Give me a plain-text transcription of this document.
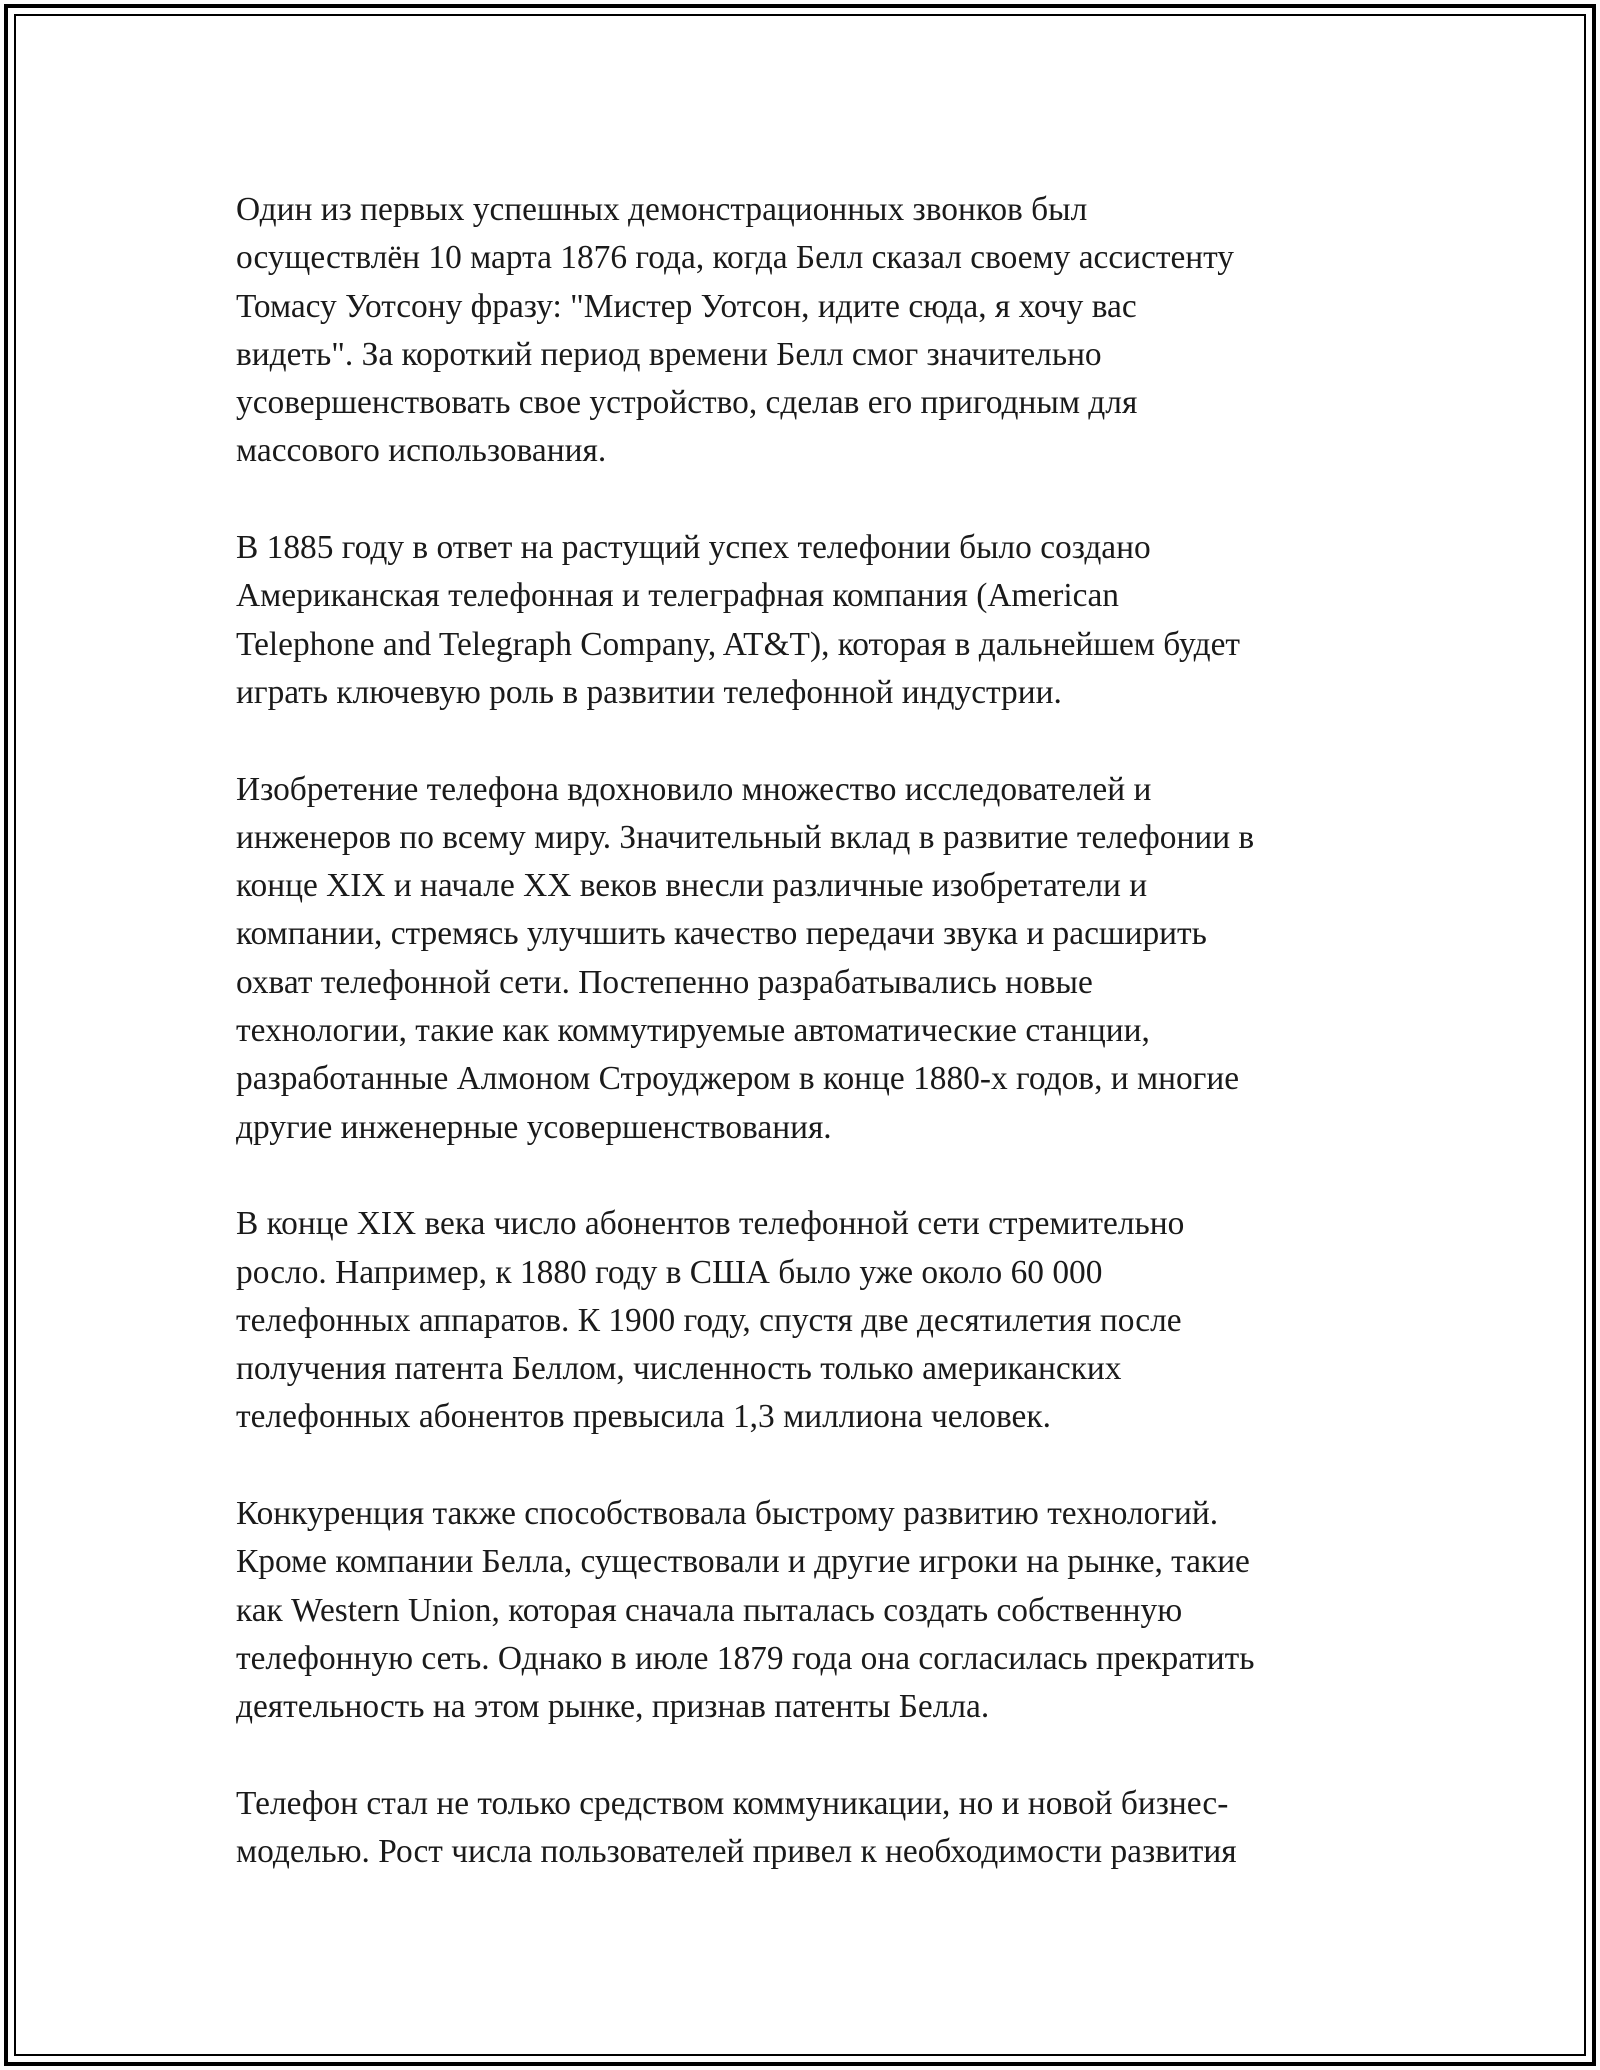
Один из первых успешных демонстрационных звонков был
осуществлён 10 марта 1876 года, когда Белл сказал своему ассистенту
Томасу Уотсону фразу: "Мистер Уотсон, идите сюда, я хочу вас
видеть". За короткий период времени Белл смог значительно
усовершенствовать свое устройство, сделав его пригодным для
массового использования.

В 1885 году в ответ на растущий успех телефонии было создано
Американская телефонная и телеграфная компания (American
Telephone and Telegraph Company, AT&T), которая в дальнейшем будет
играть ключевую роль в развитии телефонной индустрии.

Изобретение телефона вдохновило множество исследователей и
инженеров по всему миру. Значительный вклад в развитие телефонии в
конце XIX и начале XX веков внесли различные изобретатели и
компании, стремясь улучшить качество передачи звука и расширить
охват телефонной сети. Постепенно разрабатывались новые
технологии, такие как коммутируемые автоматические станции,
разработанные Алмоном Строуджером в конце 1880-х годов, и многие
другие инженерные усовершенствования.

В конце XIX века число абонентов телефонной сети стремительно
росло. Например, к 1880 году в США было уже около 60 000
телефонных аппаратов. К 1900 году, спустя две десятилетия после
получения патента Беллом, численность только американских
телефонных абонентов превысила 1,3 миллиона человек.

Конкуренция также способствовала быстрому развитию технологий.
Кроме компании Белла, существовали и другие игроки на рынке, такие
как Western Union, которая сначала пыталась создать собственную
телефонную сеть. Однако в июле 1879 года она согласилась прекратить
деятельность на этом рынке, признав патенты Белла.

Телефон стал не только средством коммуникации, но и новой бизнес-
моделью. Рост числа пользователей привел к необходимости развития
